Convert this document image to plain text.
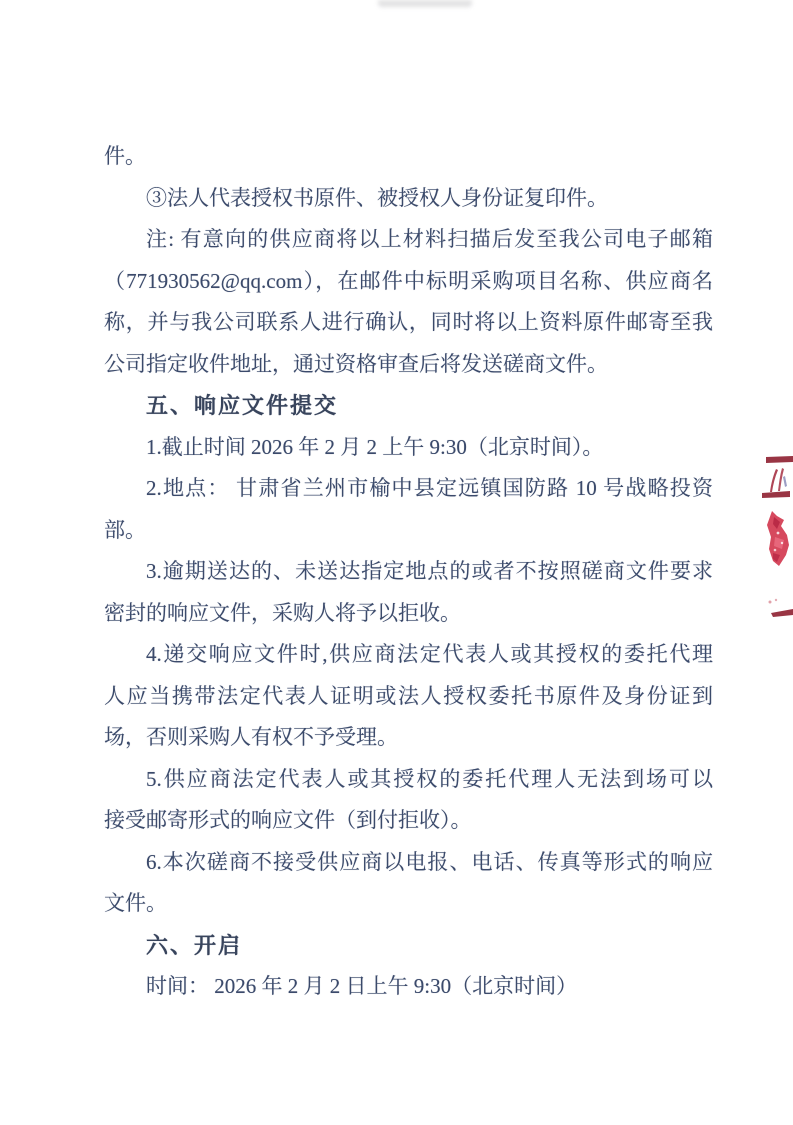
件。
③法人代表授权书原件、被授权人身份证复印件。
注: 有意向的供应商将以上材料扫描后发至我公司电子邮箱
（771930562@qq.com），在邮件中标明采购项目名称、供应商名
称，并与我公司联系人进行确认，同时将以上资料原件邮寄至我
公司指定收件地址，通过资格审查后将发送磋商文件。
五、响应文件提交
1.截止时间 2026 年 2 月 2 上午 9:30（北京时间）。
2.地点： 甘肃省兰州市榆中县定远镇国防路 10 号战略投资
部。
3.逾期送达的、未送达指定地点的或者不按照磋商文件要求
密封的响应文件，采购人将予以拒收。
4.递交响应文件时,供应商法定代表人或其授权的委托代理
人应当携带法定代表人证明或法人授权委托书原件及身份证到
场，否则采购人有权不予受理。
5.供应商法定代表人或其授权的委托代理人无法到场可以
接受邮寄形式的响应文件（到付拒收）。
6.本次磋商不接受供应商以电报、电话、传真等形式的响应
文件。
六、开启
时间： 2026 年 2 月 2 日上午 9:30（北京时间）
